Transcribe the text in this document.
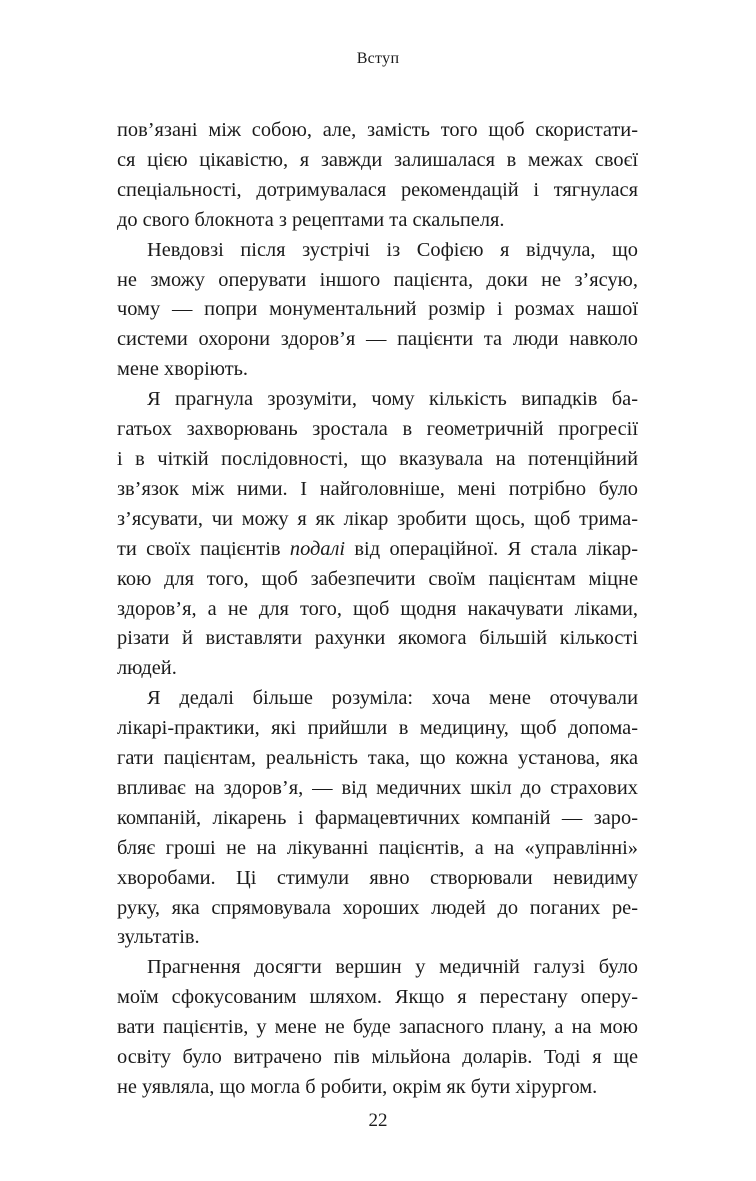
Вступ

пов’язані між собою, але, замість того щоб скористати-
ся цією цікавістю, я завжди залишалася в межах своєї
спеціальності, дотримувалася рекомендацій і тягнулася
до свого блокнота з рецептами та скальпеля.

Невдовзі після зустрічі із Софією я відчула, що
не зможу оперувати іншого пацієнта, доки не з’ясую,
чому — попри монументальний розмір і розмах нашої
системи охорони здоров’я — пацієнти та люди навколо
мене хворіють.

Я прагнула зрозуміти, чому кількість випадків ба-
гатьох захворювань зростала в геометричній прогресії
і в чіткій послідовності, що вказувала на потенційний
зв’язок між ними. І найголовніше, мені потрібно було
з’ясувати, чи можу я як лікар зробити щось, щоб трима-
ти своїх пацієнтів подалі від операційної. Я стала лікар-
кою для того, щоб забезпечити своїм пацієнтам міцне
здоров’я, а не для того, щоб щодня накачувати ліками,
різати й виставляти рахунки якомога більшій кількості
людей.

Я дедалі більше розуміла: хоча мене оточували
лікарі-практики, які прийшли в медицину, щоб допома-
гати пацієнтам, реальність така, що кожна установа, яка
впливає на здоров’я, — від медичних шкіл до страхових
компаній, лікарень і фармацевтичних компаній — заро-
бляє гроші не на лікуванні пацієнтів, а на «управлінні»
хворобами. Ці стимули явно створювали невидиму
руку, яка спрямовувала хороших людей до поганих ре-
зультатів.

Прагнення досягти вершин у медичній галузі було
моїм сфокусованим шляхом. Якщо я перестану опеpу-
вати пацієнтів, у мене не буде запасного плану, а на мою
освіту було витрачено пів мільйона доларів. Тоді я ще
не уявляла, що могла б робити, окрім як бути хірургом.

22
